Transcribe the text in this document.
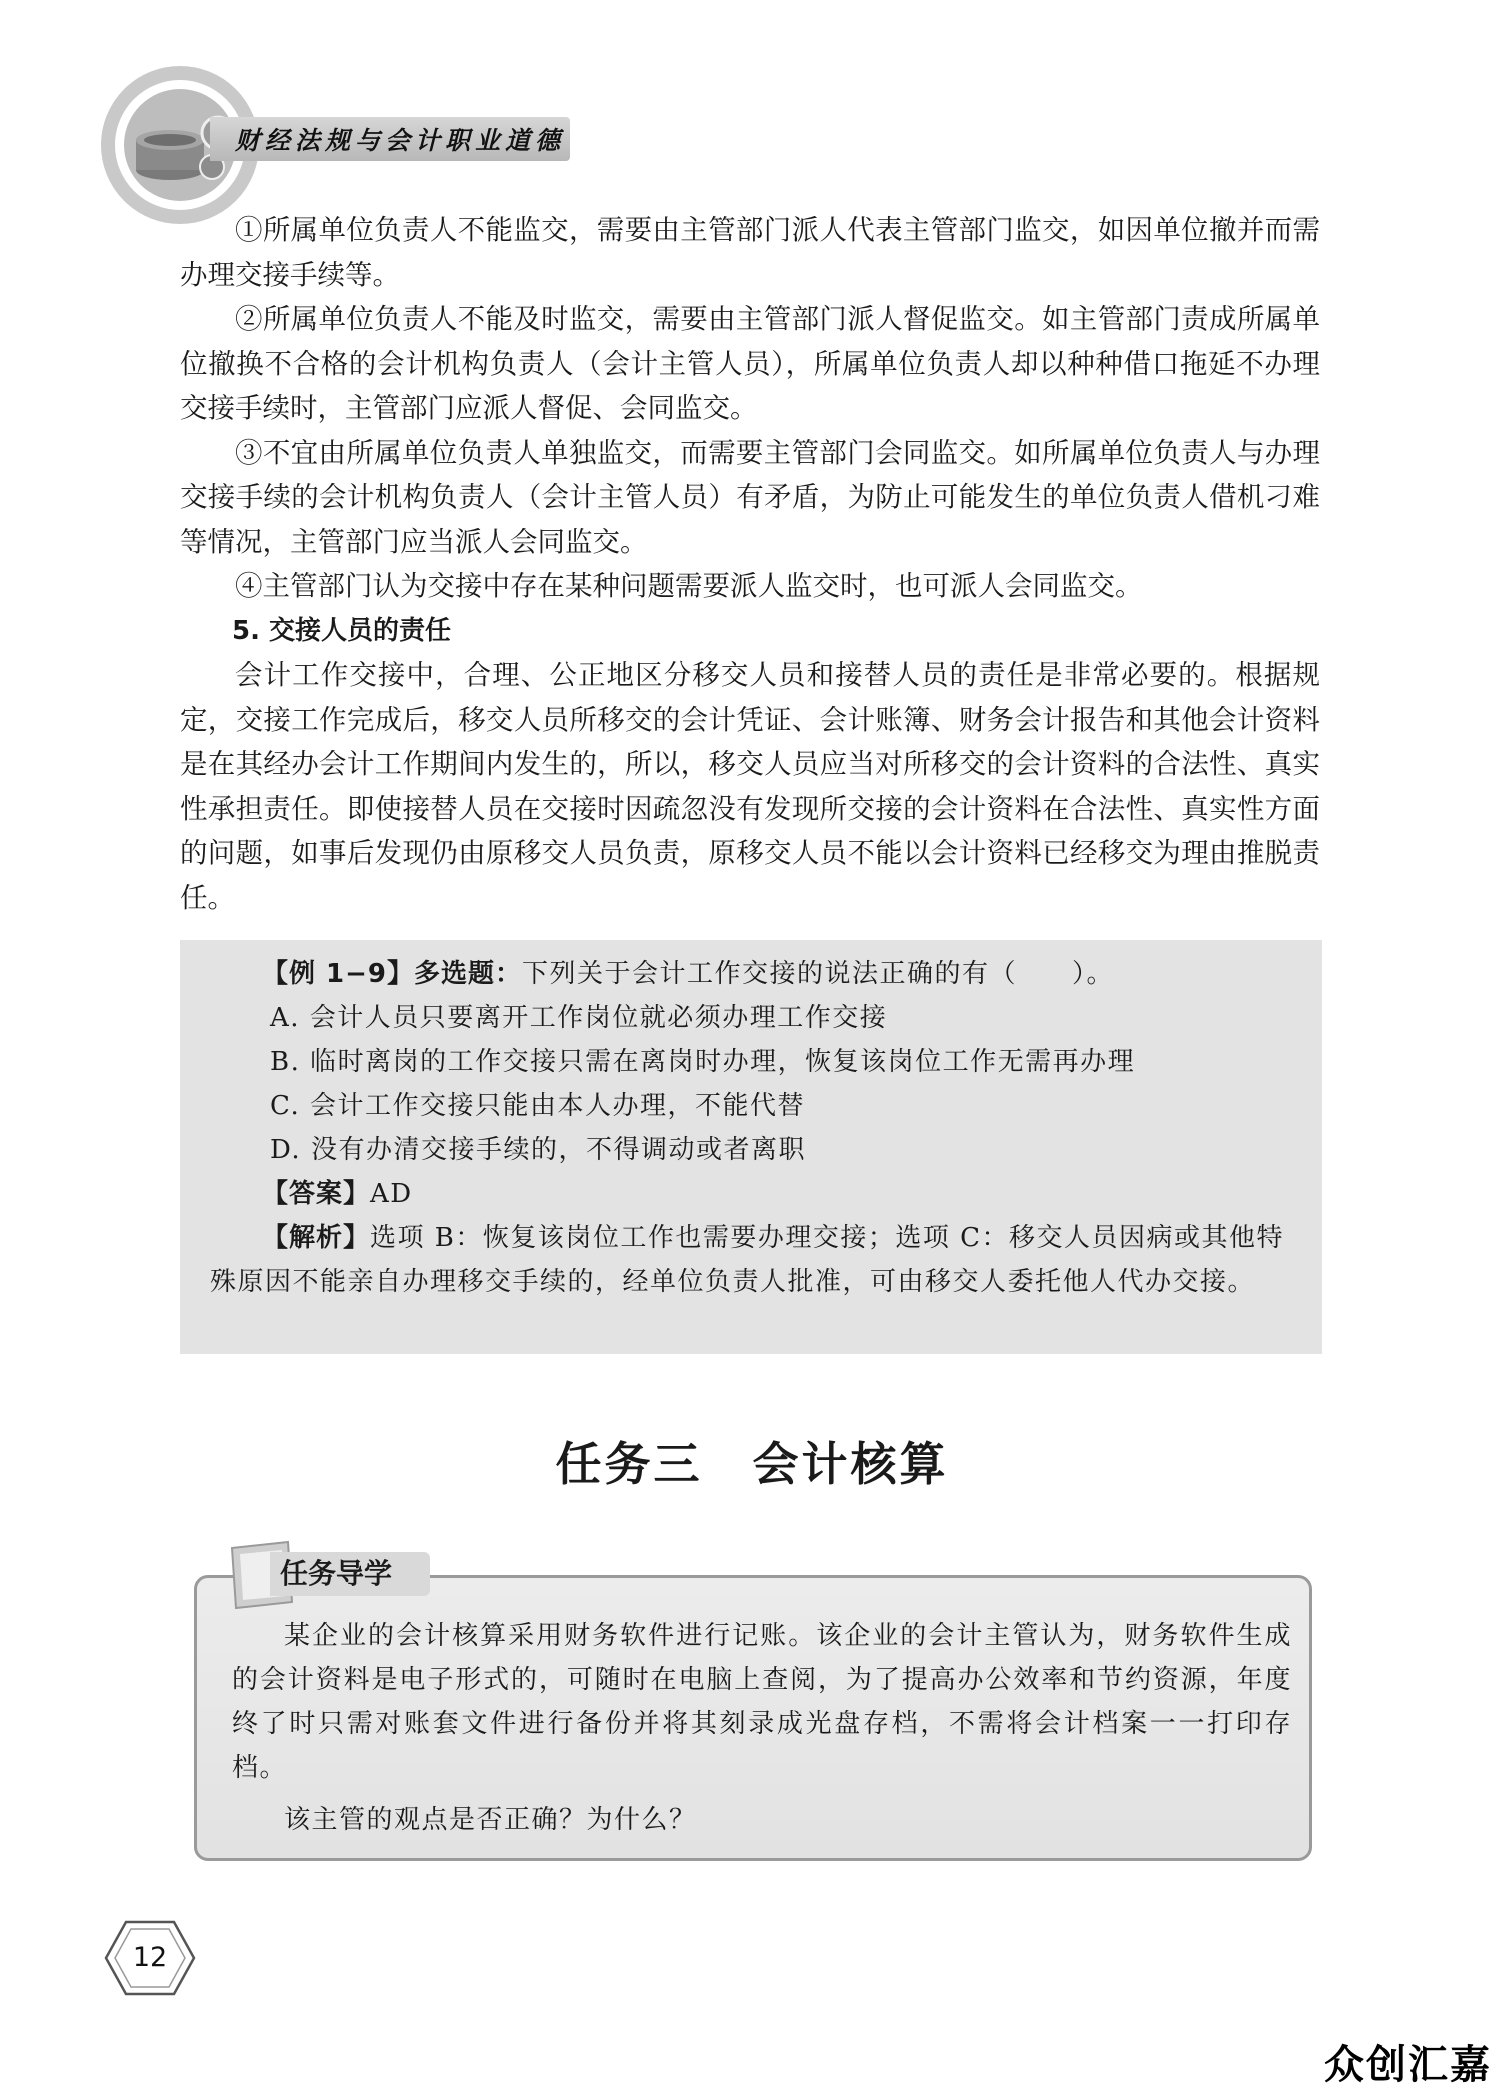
财经法规与会计职业道德

①所属单位负责人不能监交，需要由主管部门派人代表主管部门监交，如因单位撤并而需办理交接手续等。

②所属单位负责人不能及时监交，需要由主管部门派人督促监交。如主管部门责成所属单位撤换不合格的会计机构负责人（会计主管人员），所属单位负责人却以种种借口拖延不办理交接手续时，主管部门应派人督促、会同监交。

③不宜由所属单位负责人单独监交，而需要主管部门会同监交。如所属单位负责人与办理交接手续的会计机构负责人（会计主管人员）有矛盾，为防止可能发生的单位负责人借机刁难等情况，主管部门应当派人会同监交。

④主管部门认为交接中存在某种问题需要派人监交时，也可派人会同监交。

5. 交接人员的责任

会计工作交接中，合理、公正地区分移交人员和接替人员的责任是非常必要的。根据规定，交接工作完成后，移交人员所移交的会计凭证、会计账簿、财务会计报告和其他会计资料是在其经办会计工作期间内发生的，所以，移交人员应当对所移交的会计资料的合法性、真实性承担责任。即使接替人员在交接时因疏忽没有发现所交接的会计资料在合法性、真实性方面的问题，如事后发现仍由原移交人员负责，原移交人员不能以会计资料已经移交为理由推脱责任。

【例 1−9】多选题：下列关于会计工作交接的说法正确的有（　　）。
A. 会计人员只要离开工作岗位就必须办理工作交接
B. 临时离岗的工作交接只需在离岗时办理，恢复该岗位工作无需再办理
C. 会计工作交接只能由本人办理，不能代替
D. 没有办清交接手续的，不得调动或者离职
【答案】AD
【解析】选项 B：恢复该岗位工作也需要办理交接；选项 C：移交人员因病或其他特殊原因不能亲自办理移交手续的，经单位负责人批准，可由移交人委托他人代办交接。
任务三 会计核算
任务导学

某企业的会计核算采用财务软件进行记账。该企业的会计主管认为，财务软件生成的会计资料是电子形式的，可随时在电脑上查阅，为了提高办公效率和节约资源，年度终了时只需对账套文件进行备份并将其刻录成光盘存档，不需将会计档案一一打印存档。

该主管的观点是否正确？为什么？

12
众创汇嘉
